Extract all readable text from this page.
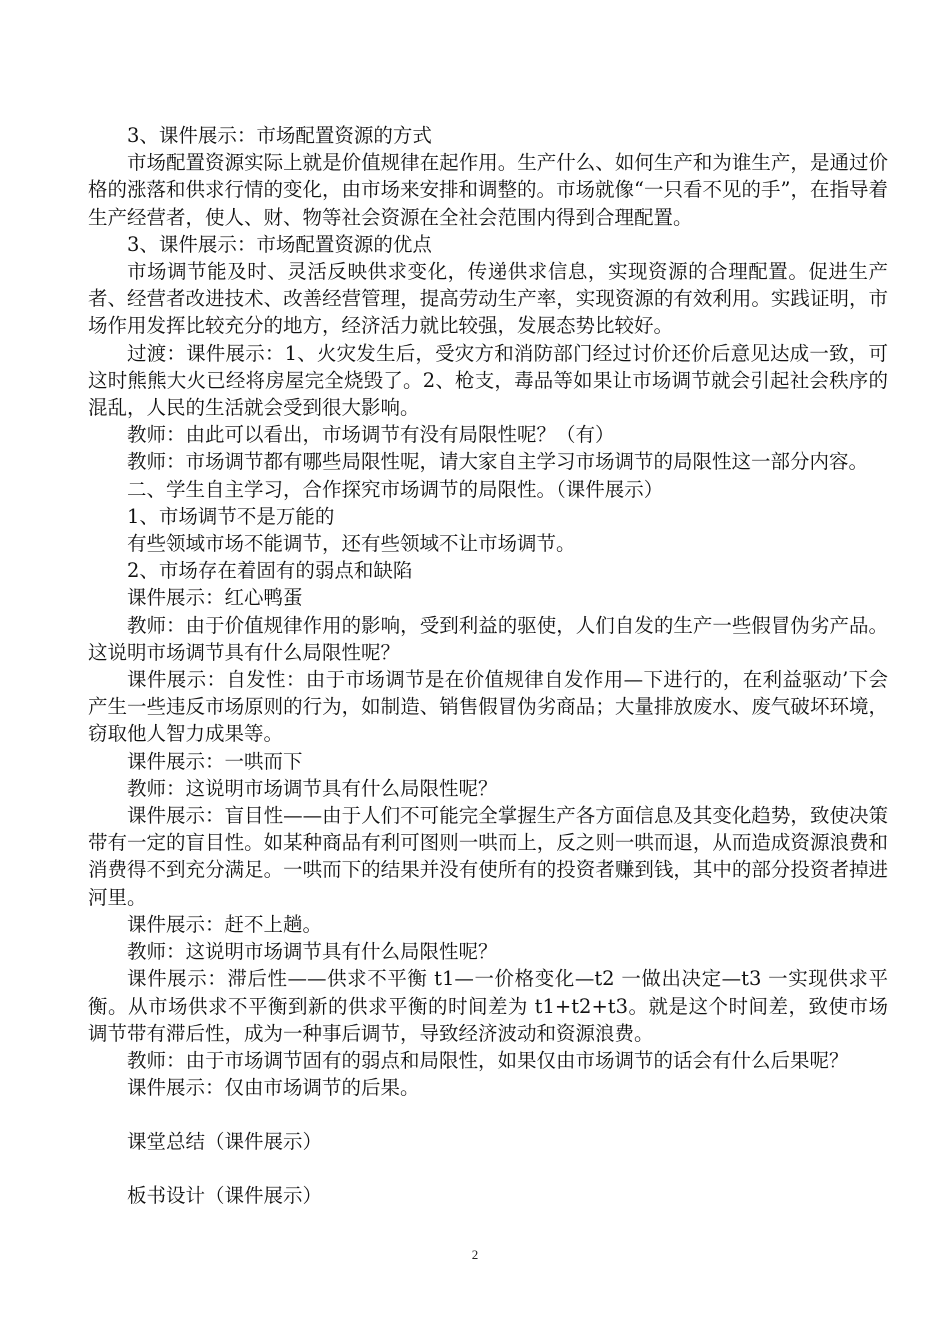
3、课件展示：市场配置资源的方式

市场配置资源实际上就是价值规律在起作用。生产什么、如何生产和为谁生产，是通过价格的涨落和供求行情的变化，由市场来安排和调整的。市场就像“一只看不见的手”，在指导着生产经营者，使人、财、物等社会资源在全社会范围内得到合理配置。

3、课件展示：市场配置资源的优点

市场调节能及时、灵活反映供求变化，传递供求信息，实现资源的合理配置。促进生产者、经营者改进技术、改善经营管理，提高劳动生产率，实现资源的有效利用。实践证明，市场作用发挥比较充分的地方，经济活力就比较强，发展态势比较好。

过渡：课件展示：1、火灾发生后，受灾方和消防部门经过讨价还价后意见达成一致，可这时熊熊大火已经将房屋完全烧毁了。2、枪支，毒品等如果让市场调节就会引起社会秩序的混乱，人民的生活就会受到很大影响。

教师：由此可以看出，市场调节有没有局限性呢？（有）

教师：市场调节都有哪些局限性呢，请大家自主学习市场调节的局限性这一部分内容。

二、学生自主学习，合作探究市场调节的局限性。（课件展示）

1、市场调节不是万能的

有些领域市场不能调节，还有些领域不让市场调节。

2、市场存在着固有的弱点和缺陷

课件展示：红心鸭蛋

教师：由于价值规律作用的影响，受到利益的驱使，人们自发的生产一些假冒伪劣产品。这说明市场调节具有什么局限性呢？

课件展示：自发性：由于市场调节是在价值规律自发作用—下进行的，在利益驱动’下会产生一些违反市场原则的行为，如制造、销售假冒伪劣商品；大量排放废水、废气破坏环境，窃取他人智力成果等。

课件展示：一哄而下

教师：这说明市场调节具有什么局限性呢？

课件展示：盲目性——由于人们不可能完全掌握生产各方面信息及其变化趋势，致使决策带有一定的盲目性。如某种商品有利可图则一哄而上，反之则一哄而退，从而造成资源浪费和消费得不到充分满足。一哄而下的结果并没有使所有的投资者赚到钱，其中的部分投资者掉进河里。

课件展示：赶不上趟。

教师：这说明市场调节具有什么局限性呢？

课件展示：滞后性——供求不平衡 t1—一价格变化—t2 一做出决定—t3 一实现供求平衡。从市场供求不平衡到新的供求平衡的时间差为 t1+t2+t3。就是这个时间差，致使市场调节带有滞后性，成为一种事后调节，导致经济波动和资源浪费。

教师：由于市场调节固有的弱点和局限性，如果仅由市场调节的话会有什么后果呢？

课件展示：仅由市场调节的后果。

课堂总结（课件展示）

板书设计（课件展示）

2
